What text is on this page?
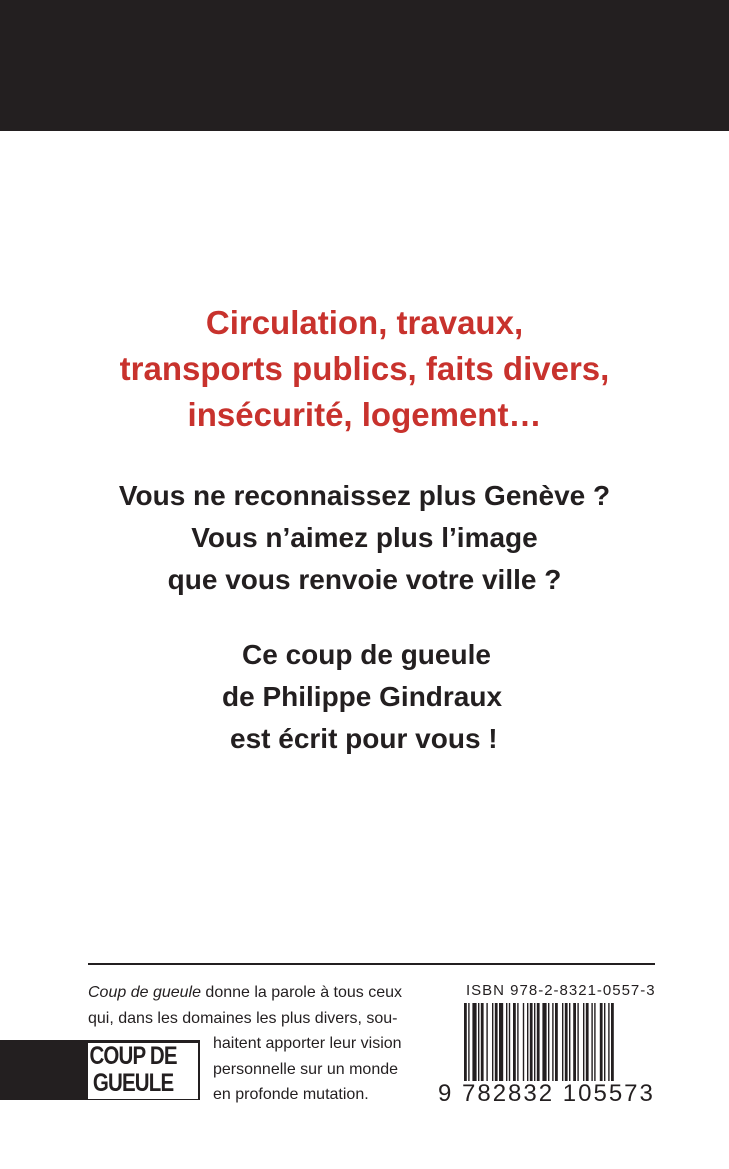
Circulation, travaux,
transports publics, faits divers,
insécurité, logement…
Vous ne reconnaissez plus Genève ?
Vous n’aimez plus l’image
que vous renvoie votre ville ?
Ce coup de gueule
de Philippe Gindraux
est écrit pour vous !
Coup de gueule donne la parole à tous ceux
qui, dans les domaines les plus divers, sou-
haitent apporter leur vision
personnelle sur un monde
en profonde mutation.
COUP DE
GUEULE
ISBN 978-2-8321-0557-3
9 782832 105573
